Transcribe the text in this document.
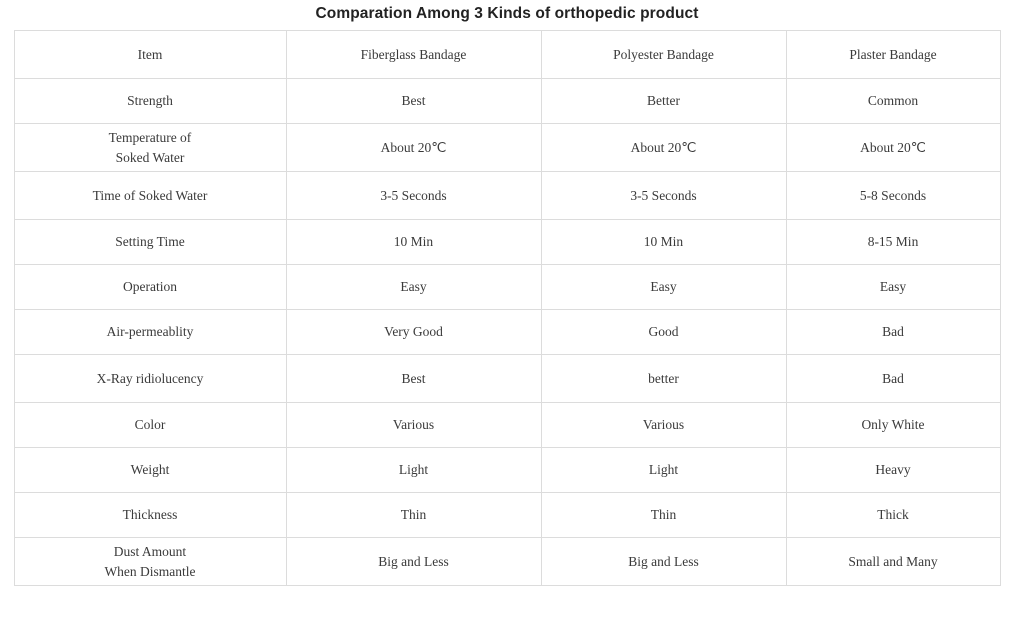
Comparation Among 3 Kinds of orthopedic product
Item	Fiberglass Bandage	Polyester Bandage	Plaster Bandage
Strength	Best	Better	Common

Temperature of
Soked Water	About 20℃	About 20℃	About 20℃
Time of Soked Water	3-5 Seconds	3-5 Seconds	5-8 Seconds
Setting Time	10 Min	10 Min	8-15 Min
Operation	Easy	Easy	Easy
Air-permeablity	Very Good	Good	Bad
X-Ray ridiolucency	Best	better	Bad
Color	Various	Various	Only White
Weight	Light	Light	Heavy
Thickness	Thin	Thin	Thick

Dust Amount
When Dismantle	Big and Less	Big and Less	Small and Many
